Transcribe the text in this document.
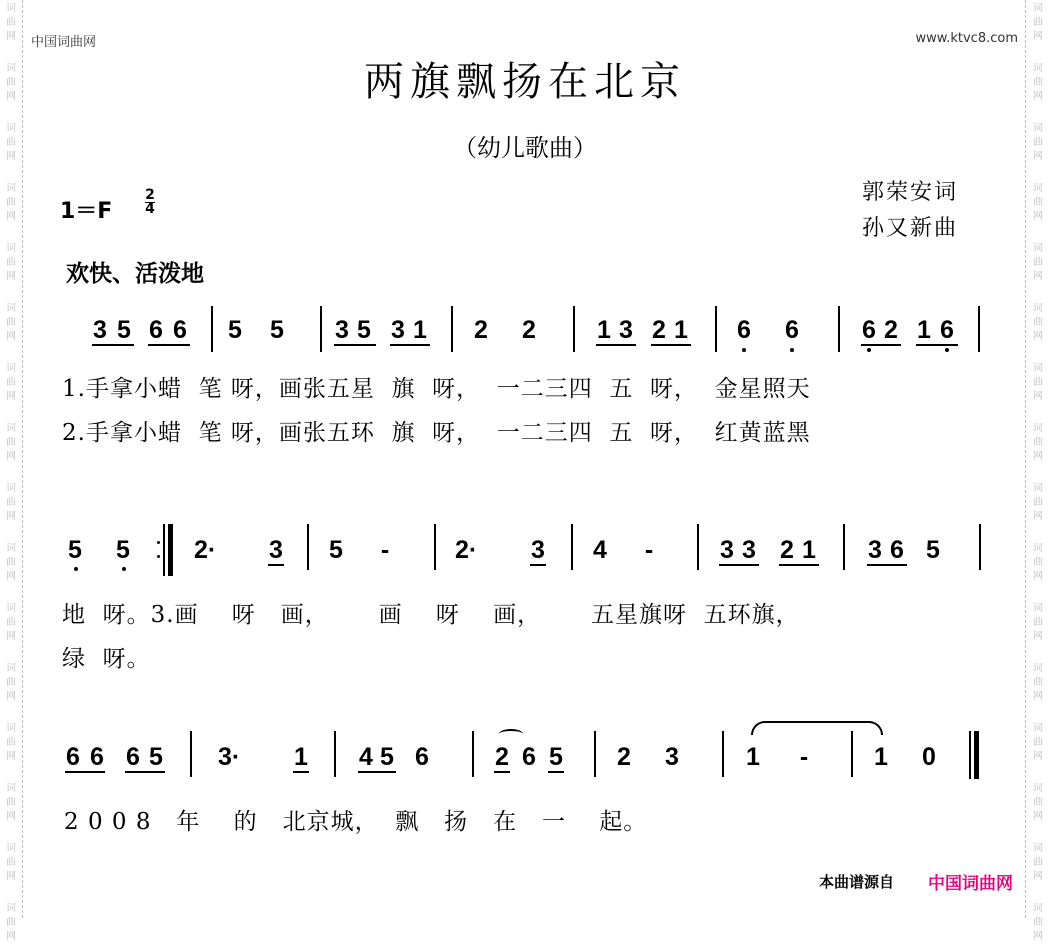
词
曲
网
词
曲
网
词
曲
网
词
曲
网
词
曲
网
词
曲
网
词
曲
网
词
曲
网
词
曲
网
词
曲
网
词
曲
网
词
曲
网
词
曲
网
词
曲
网
词
曲
网
词
曲
网
词
曲
网
词
曲
网
词
曲
网
词
曲
网
词
曲
网
词
曲
网
词
曲
网
词
曲
网
词
曲
网
词
曲
网
词
曲
网
词
曲
网
词
曲
网
词
曲
网
词
曲
网
词
曲
网
中国词曲网	www.ktvc8.com
两旗飘扬在北京
（幼儿歌曲）
1＝F
2
4
郭荣安词
孙又新曲
欢快、活泼地
3 5 6 6 5 5 3 5 3 1 2 2 1 3 2 1 6 6	6 2 1 6
1.手拿小蜡  笔 呀，画张五星  旗  呀，  一二三四  五  呀，  金星照天
2.手拿小蜡  笔 呀，画张五环  旗  呀，  一二三四  五  呀，  红黄蓝黑
5 5	2·	3 5 -	2·	3 4 -	3 3 2 1 3 6 5
地  呀。3.画    呀   画，      画    呀    画，      五星旗呀  五环旗，
绿  呀。
6 6 6 5 3·	1 4 5 6	2 6 5 2 3	1 -	1 0
2 0 0 8   年    的   北京城，  飘   扬   在   一    起。
本曲谱源自 中国词曲网
